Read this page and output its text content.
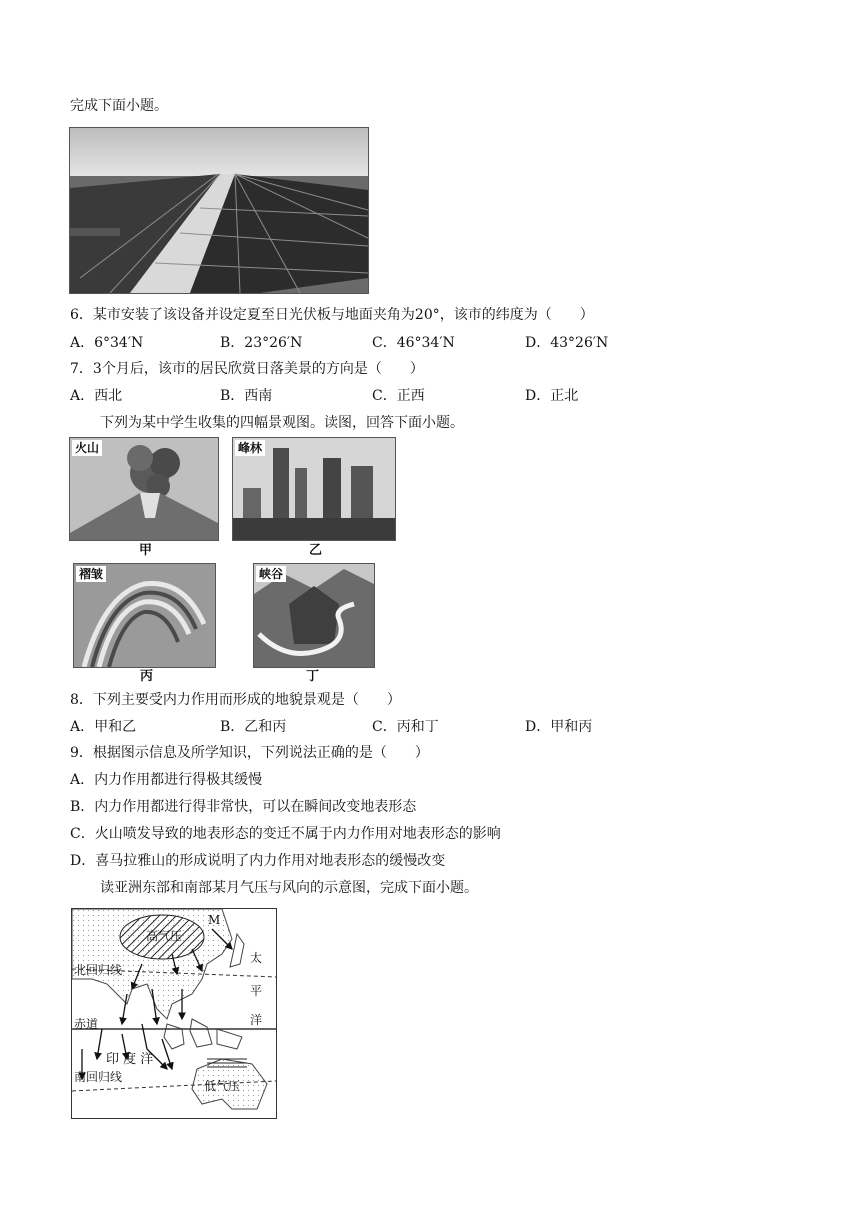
完成下面小题。
6．某市安装了该设备并设定夏至日光伏板与地面夹角为20°，该市的纬度为（　　）
A．6°34′N	B．23°26′N	C．46°34′N	D．43°26′N
7．3个月后，该市的居民欣赏日落美景的方向是（　　）
A．西北	B．西南	C．正西	D．正北
下列为某中学生收集的四幅景观图。读图，回答下面小题。
火山
甲
峰林
乙
褶皱
丙
峡谷
丁
8．下列主要受内力作用而形成的地貌景观是（　　）
A．甲和乙	B．乙和丙	C．丙和丁	D．甲和丙
9．根据图示信息及所学知识，下列说法正确的是（　　）
A．内力作用都进行得极其缓慢
B．内力作用都进行得非常快，可以在瞬间改变地表形态
C．火山喷发导致的地表形态的变迁不属于内力作用对地表形态的影响
D．喜马拉雅山的形成说明了内力作用对地表形态的缓慢改变
读亚洲东部和南部某月气压与风向的示意图，完成下面小题。
高气压
M
北回归线
赤道
印 度 洋
南回归线
低气压
太
平
洋
